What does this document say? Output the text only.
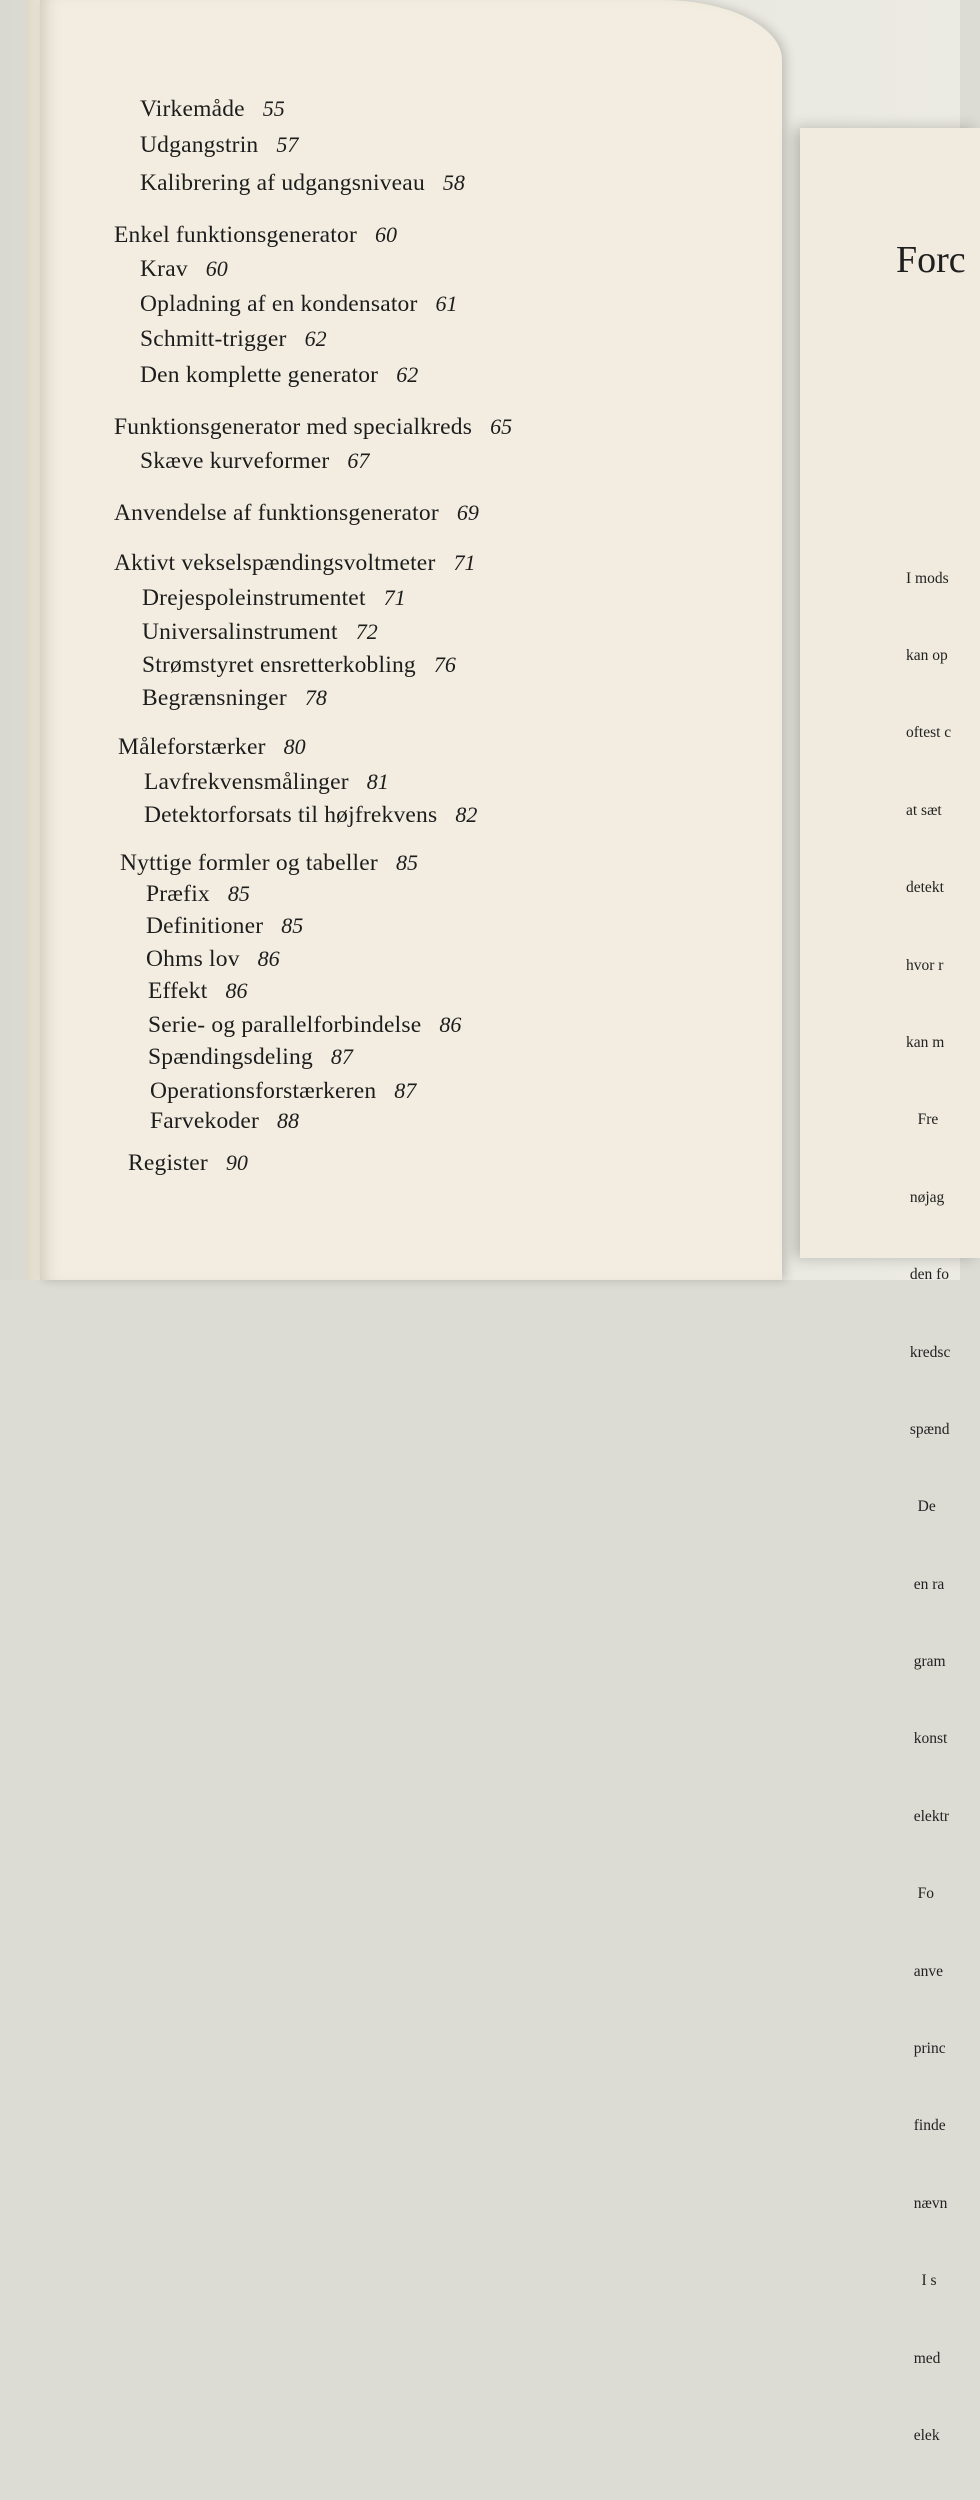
Forc

I mods

kan op

oftest c

at sæt

detekt

hvor r

kan m

Fre

nøjag

den fo

kredsc

spænd

De

en ra

gram

konst

elektr

Fo

anve

princ

finde

nævn

I s

med

elek

Virkemåde 55
Udgangstrin 57
Kalibrering af udgangsniveau 58
Enkel funktionsgenerator 60
Krav 60
Opladning af en kondensator 61
Schmitt-trigger 62
Den komplette generator 62
Funktionsgenerator med specialkreds 65
Skæve kurveformer 67
Anvendelse af funktionsgenerator 69
Aktivt vekselspændingsvoltmeter 71
Drejespoleinstrumentet 71
Universalinstrument 72
Strømstyret ensretterkobling 76
Begrænsninger 78
Måleforstærker 80
Lavfrekvensmålinger 81
Detektorforsats til højfrekvens 82
Nyttige formler og tabeller 85
Præfix 85
Definitioner 85
Ohms lov 86
Effekt 86
Serie- og parallelforbindelse 86
Spændingsdeling 87
Operationsforstærkeren 87
Farvekoder 88
Register 90
